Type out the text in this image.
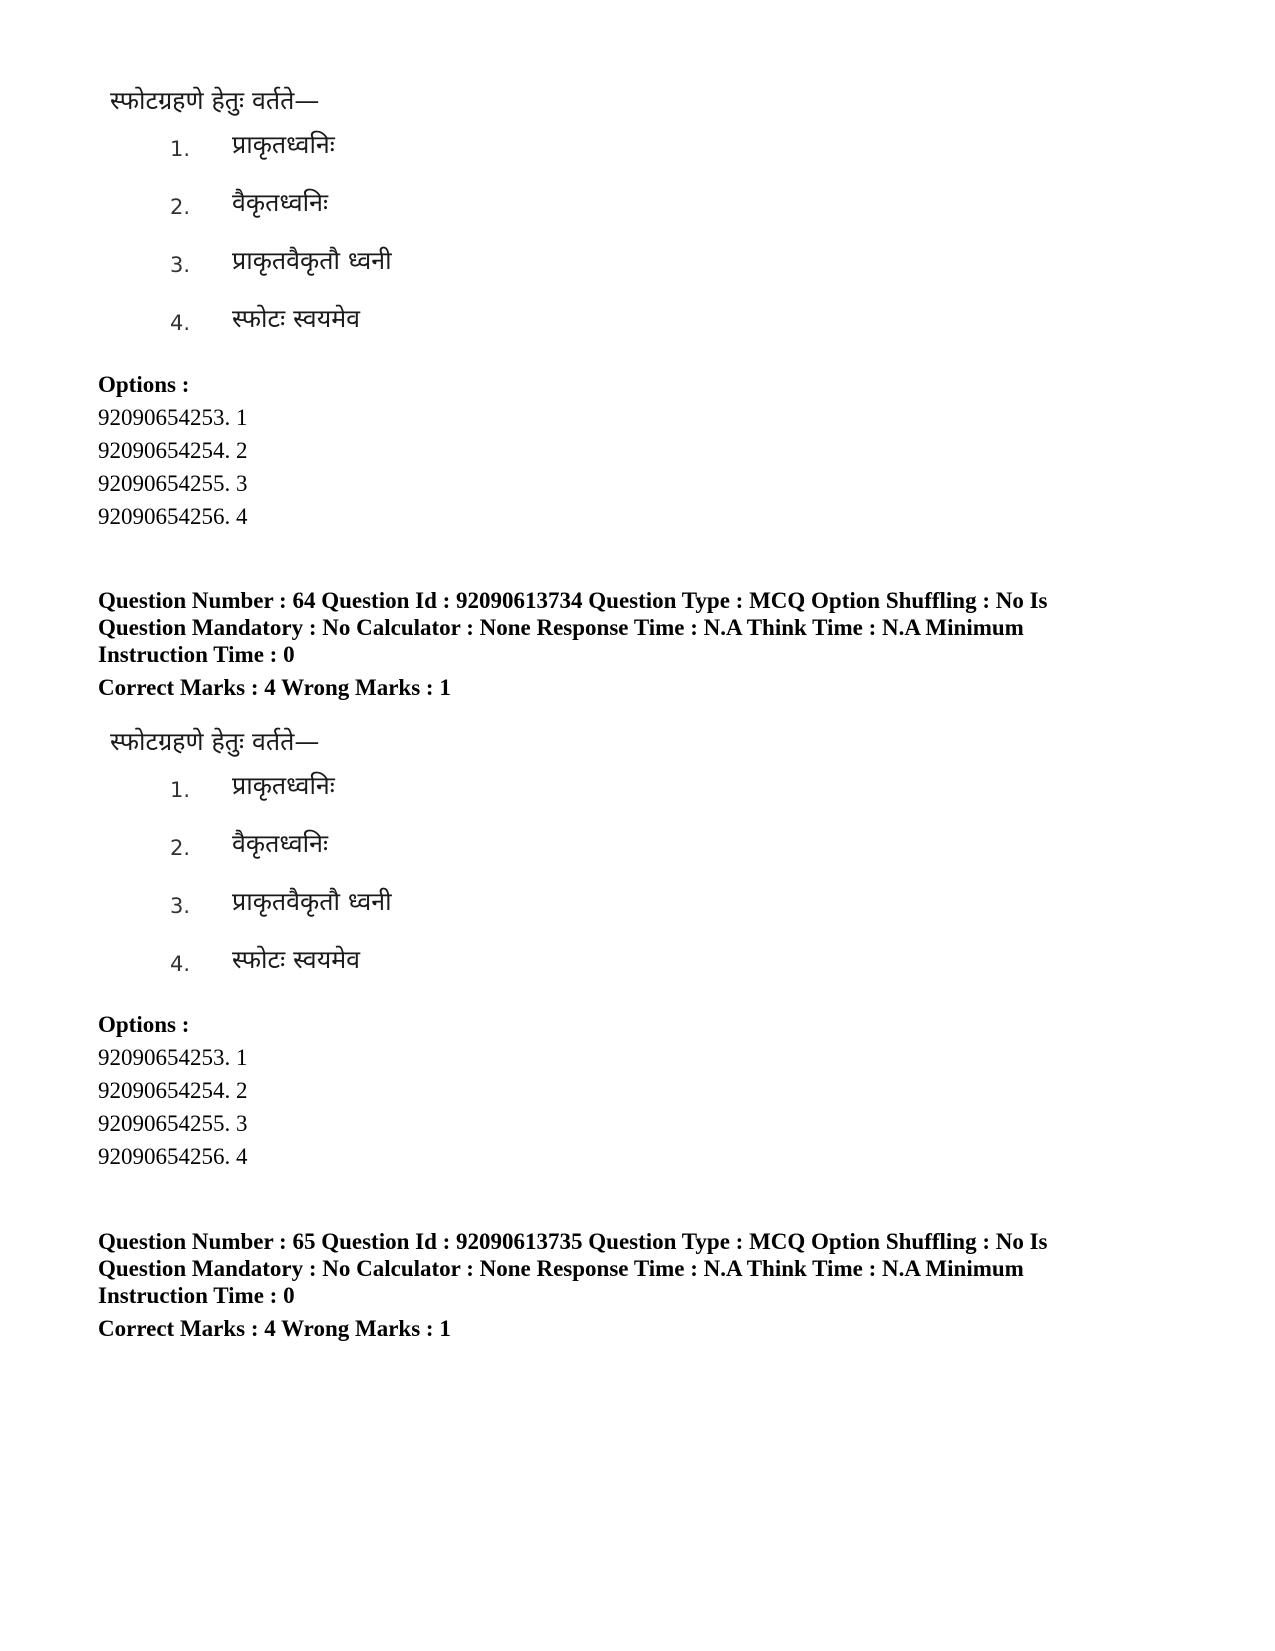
स्फोटग्रहणे हेतुः वर्तते—
1. प्राकृतध्वनिः
2. वैकृतध्वनिः
3. प्राकृतवैकृतौ ध्वनी
4. स्फोटः स्वयमेव
Options :
92090654253. 1
92090654254. 2
92090654255. 3
92090654256. 4
Question Number : 64 Question Id : 92090613734 Question Type : MCQ Option Shuffling : No Is
Question Mandatory : No Calculator : None Response Time : N.A Think Time : N.A Minimum
Instruction Time : 0
Correct Marks : 4 Wrong Marks : 1
स्फोटग्रहणे हेतुः वर्तते—
1. प्राकृतध्वनिः
2. वैकृतध्वनिः
3. प्राकृतवैकृतौ ध्वनी
4. स्फोटः स्वयमेव
Options :
92090654253. 1
92090654254. 2
92090654255. 3
92090654256. 4
Question Number : 65 Question Id : 92090613735 Question Type : MCQ Option Shuffling : No Is
Question Mandatory : No Calculator : None Response Time : N.A Think Time : N.A Minimum
Instruction Time : 0
Correct Marks : 4 Wrong Marks : 1
